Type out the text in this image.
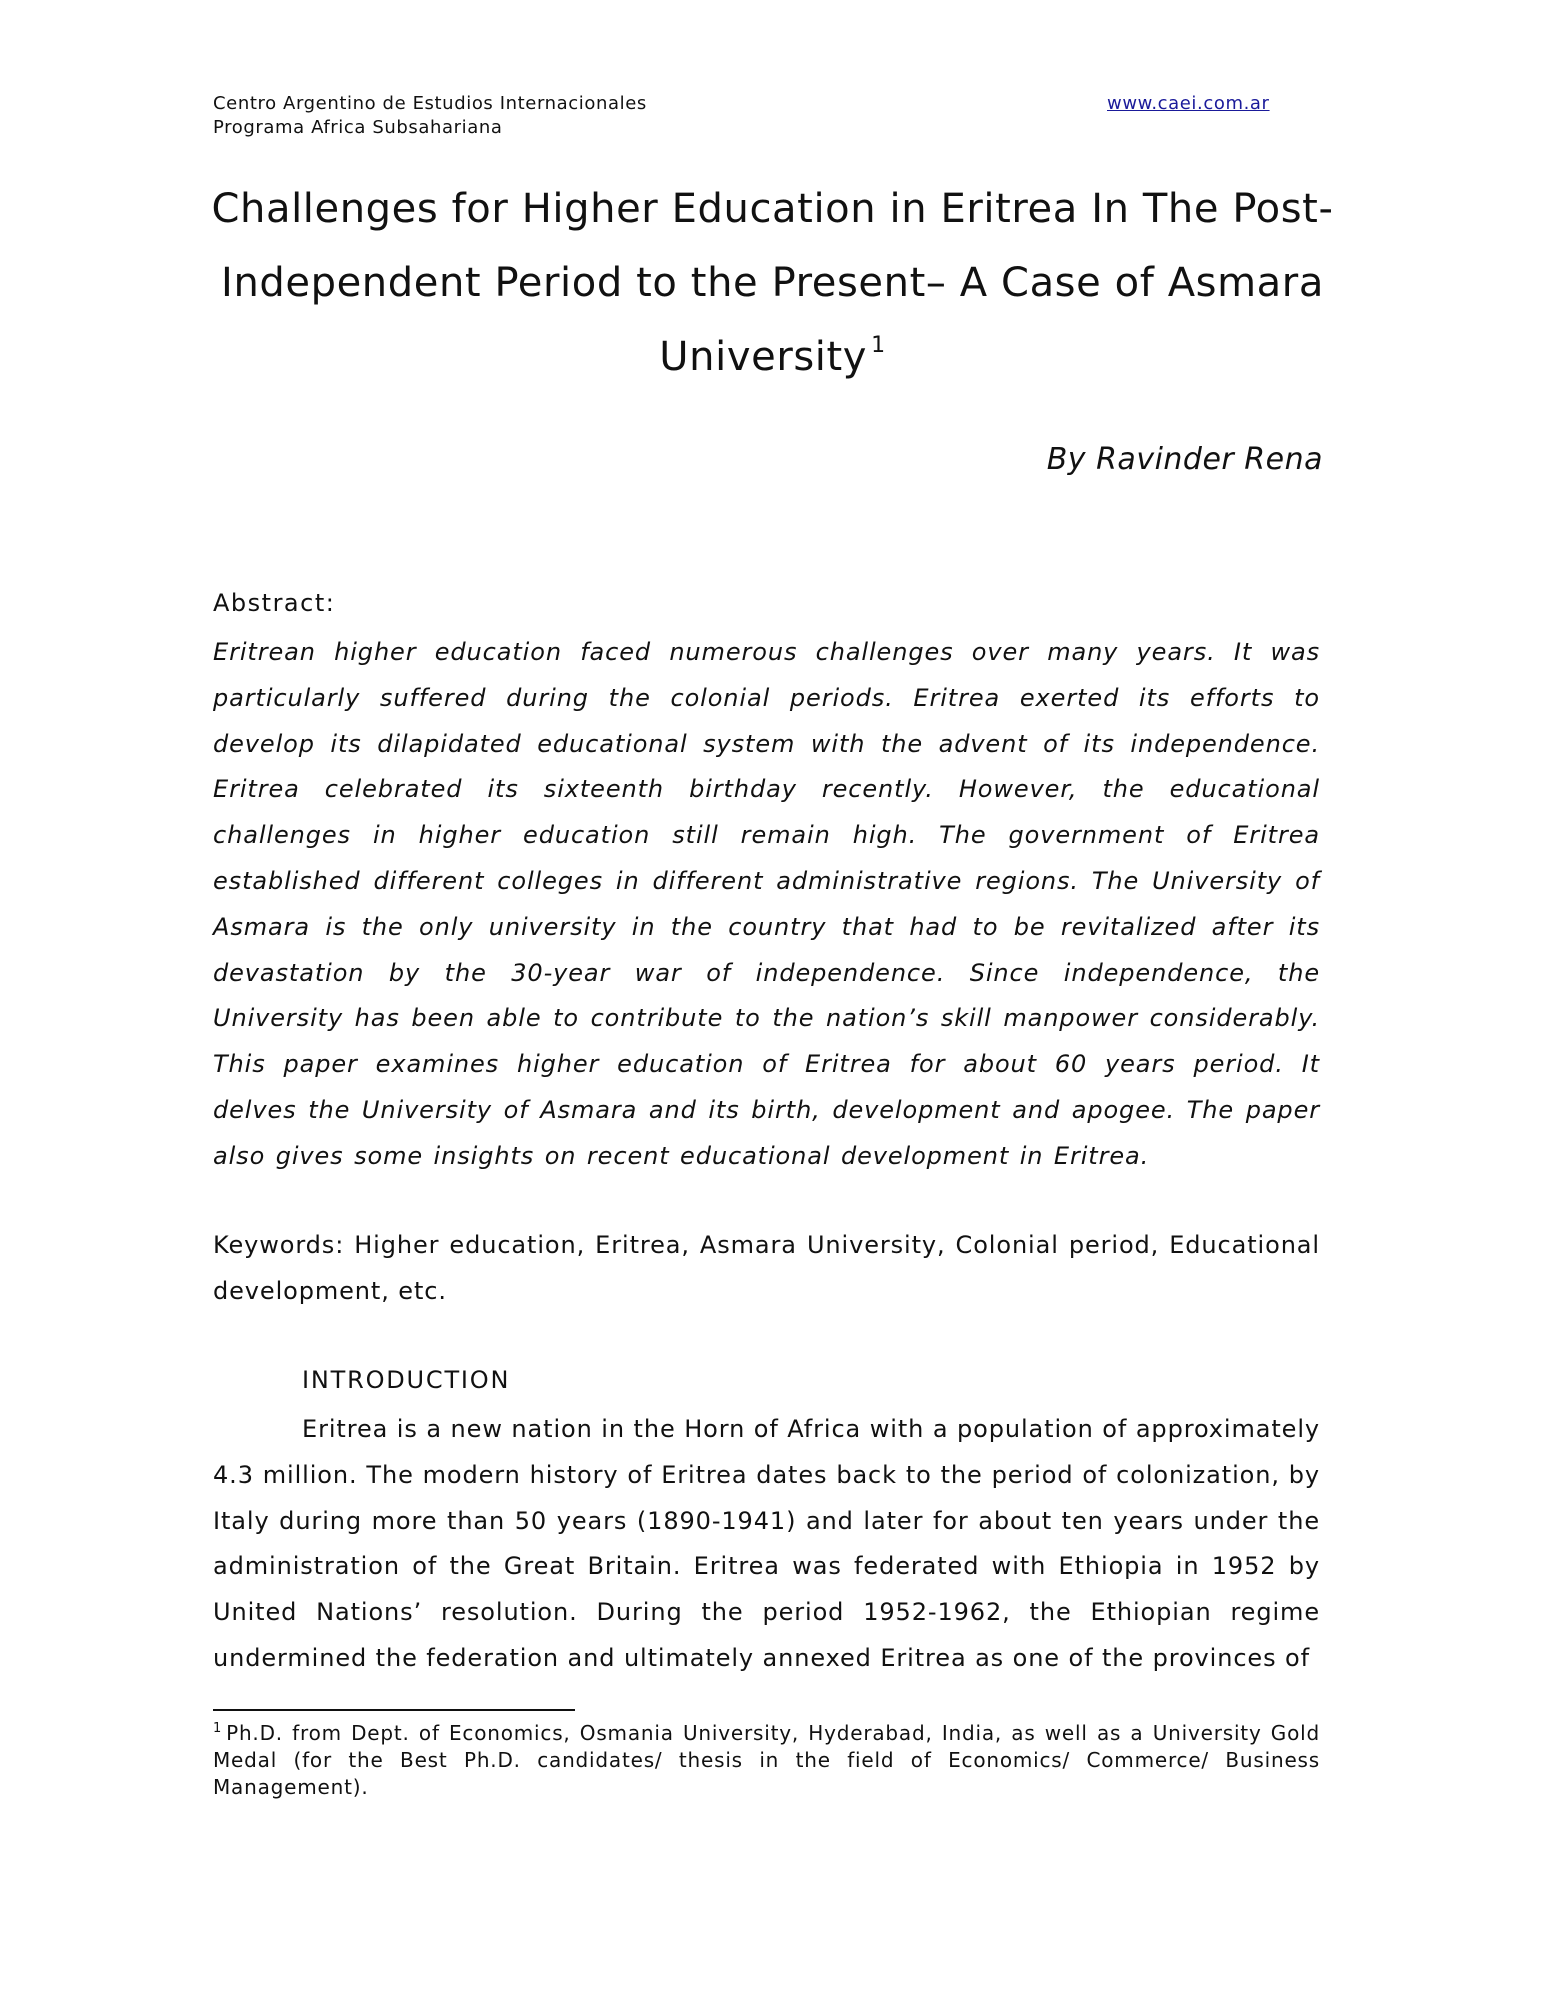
Centro Argentino de Estudios Internacionales
Programa Africa Subsahariana
www.caei.com.ar
Challenges for Higher Education in Eritrea In The Post-Independent Period to the Present– A Case of Asmara University $^1$
By Ravinder Rena
Abstract:
Eritrean higher education faced numerous challenges over many years. It was particularly suffered during the colonial periods. Eritrea exerted its efforts to develop its dilapidated educational system with the advent of its independence. Eritrea celebrated its sixteenth birthday recently. However, the educational challenges in higher education still remain high. The government of Eritrea established different colleges in different administrative regions. The University of Asmara is the only university in the country that had to be revitalized after its devastation by the 30-year war of independence. Since independence, the University has been able to contribute to the nation’s skill manpower considerably. This paper examines higher education of Eritrea for about 60 years period. It delves the University of Asmara and its birth, development and apogee. The paper also gives some insights on recent educational development in Eritrea.
Keywords: Higher education, Eritrea, Asmara University, Colonial period, Educational development, etc.
INTRODUCTION
Eritrea is a new nation in the Horn of Africa with a population of approximately 4.3 million. The modern history of Eritrea dates back to the period of colonization, by Italy during more than 50 years (1890-1941) and later for about ten years under the administration of the Great Britain. Eritrea was federated with Ethiopia in 1952 by United Nations’ resolution. During the period 1952-1962, the Ethiopian regime undermined the federation and ultimately annexed Eritrea as one of the provinces of
$^1$ Ph.D. from Dept. of Economics, Osmania University, Hyderabad, India, as well as a University Gold Medal (for the Best Ph.D. candidates/ thesis in the field of Economics/ Commerce/ Business Management).
